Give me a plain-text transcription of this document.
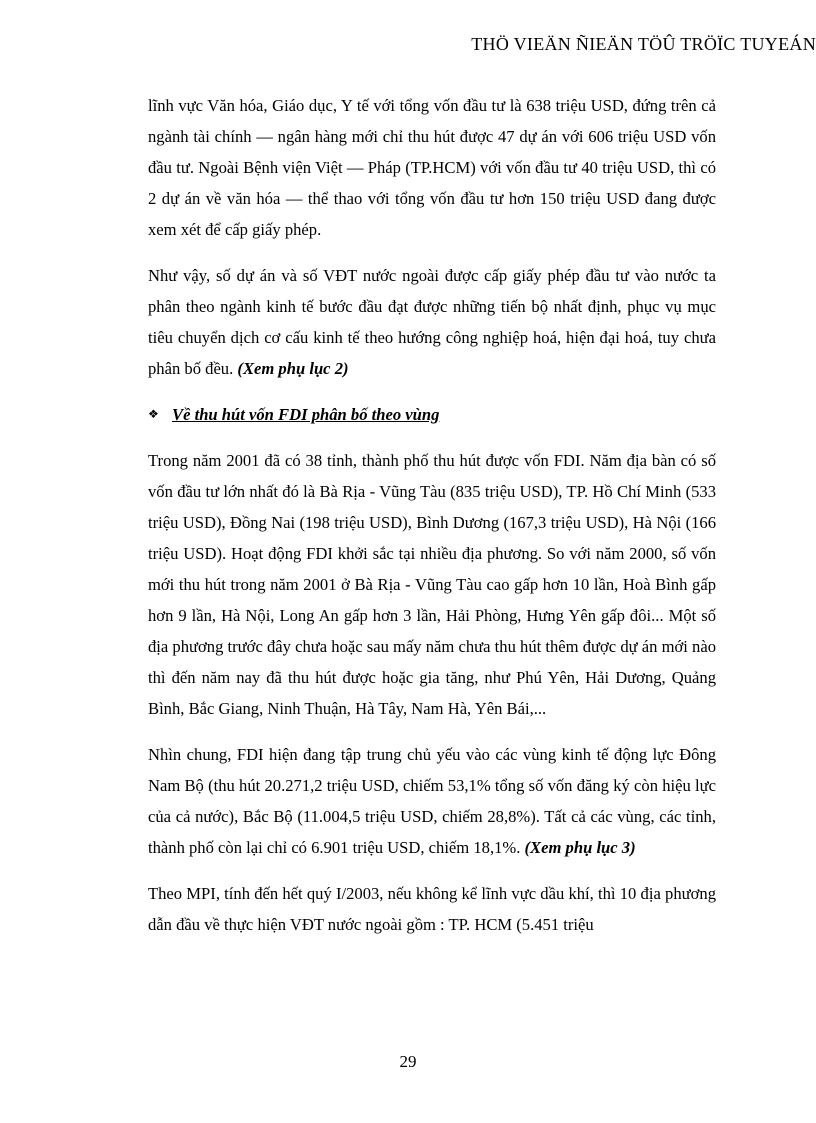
THÖ VIEÄN ÑIEÄN TÖÛ TRÖÏC TUYEÁN

lĩnh vực Văn hóa, Giáo dục, Y tế với tổng vốn đầu tư là 638 triệu USD, đứng trên cả ngành tài chính — ngân hàng mới chỉ thu hút được 47 dự án với 606 triệu USD vốn đầu tư. Ngoài Bệnh viện Việt — Pháp (TP.HCM) với vốn đầu tư 40 triệu USD, thì có 2 dự án về văn hóa — thể thao với tổng vốn đầu tư hơn 150 triệu USD đang được xem xét để cấp giấy phép.

Như vậy, số dự án và số VĐT nước ngoài được cấp giấy phép đầu tư vào nước ta phân theo ngành kinh tế bước đầu đạt được những tiến bộ nhất định, phục vụ mục tiêu chuyển dịch cơ cấu kinh tế theo hướng công nghiệp hoá, hiện đại hoá, tuy chưa phân bố đều. (Xem phụ lục 2)

❖ Về thu hút vốn FDI phân bố theo vùng

Trong năm 2001 đã có 38 tỉnh, thành phố thu hút được vốn FDI. Năm địa bàn có số vốn đầu tư lớn nhất đó là Bà Rịa - Vũng Tàu (835 triệu USD), TP. Hồ Chí Minh (533 triệu USD), Đồng Nai (198 triệu USD), Bình Dương (167,3 triệu USD), Hà Nội (166 triệu USD). Hoạt động FDI khởi sắc tại nhiều địa phương. So với năm 2000, số vốn mới thu hút trong năm 2001 ở Bà Rịa - Vũng Tàu cao gấp hơn 10 lần, Hoà Bình gấp hơn 9 lần, Hà Nội, Long An gấp hơn 3 lần, Hải Phòng, Hưng Yên gấp đôi... Một số địa phương trước đây chưa hoặc sau mấy năm chưa thu hút thêm được dự án mới nào thì đến năm nay đã thu hút được hoặc gia tăng, như Phú Yên, Hải Dương, Quảng Bình, Bắc Giang, Ninh Thuận, Hà Tây, Nam Hà, Yên Bái,...

Nhìn chung, FDI hiện đang tập trung chủ yếu vào các vùng kinh tế động lực Đông Nam Bộ (thu hút 20.271,2 triệu USD, chiếm 53,1% tổng số vốn đăng ký còn hiệu lực của cả nước), Bắc Bộ (11.004,5 triệu USD, chiếm 28,8%). Tất cả các vùng, các tỉnh, thành phố còn lại chỉ có 6.901 triệu USD, chiếm 18,1%. (Xem phụ lục 3)

Theo MPI, tính đến hết quý I/2003, nếu không kể lĩnh vực dầu khí, thì 10 địa phương dẫn đầu về thực hiện VĐT nước ngoài gồm : TP. HCM (5.451 triệu

29
